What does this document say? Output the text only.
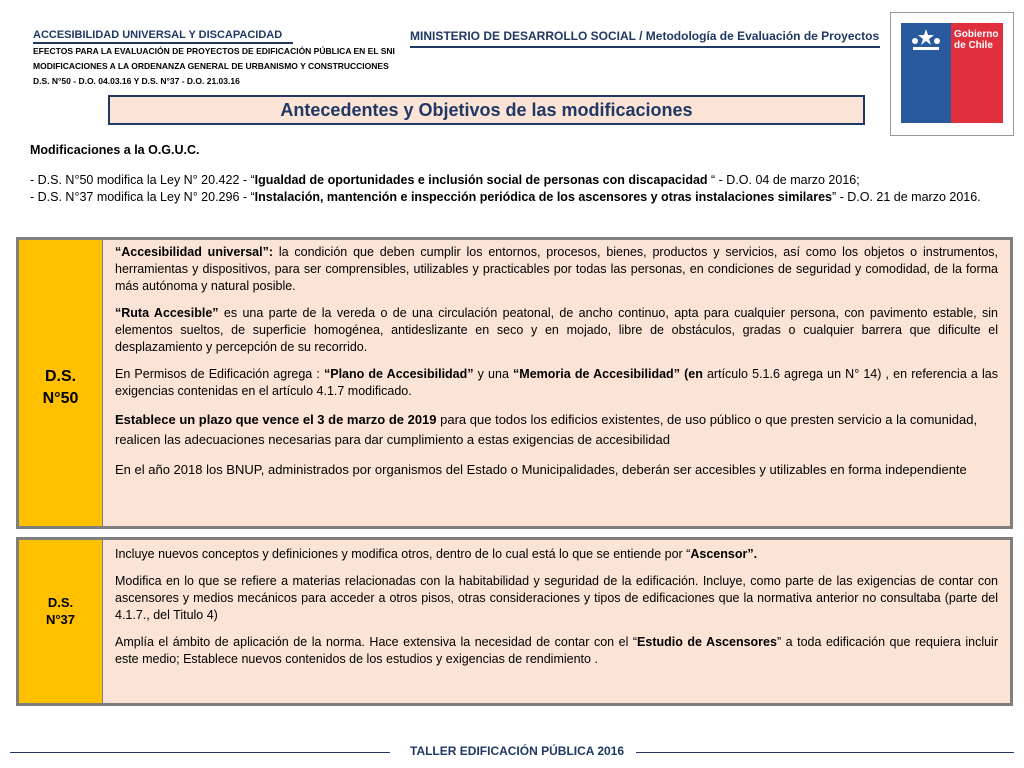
ACCESIBILIDAD UNIVERSAL Y DISCAPACIDAD
EFECTOS PARA LA EVALUACIÓN DE PROYECTOS DE EDIFICACIÓN PÚBLICA EN EL SNI
MODIFICACIONES A LA ORDENANZA GENERAL DE URBANISMO Y CONSTRUCCIONES
D.S. N°50 - D.O. 04.03.16 Y D.S. N°37 - D.O. 21.03.16
MINISTERIO DE DESARROLLO SOCIAL / Metodología de Evaluación de Proyectos	Gobierno
de Chile
Antecedentes y Objetivos de las modificaciones
Modificaciones a la O.G.U.C.
- D.S. N°50 modifica la Ley N° 20.422 - “Igualdad de oportunidades e inclusión social de personas con discapacidad “ - D.O. 04 de marzo 2016;
- D.S. N°37 modifica la Ley N° 20.296 - “Instalación, mantención e inspección periódica de los ascensores y otras instalaciones similares” - D.O. 21 de marzo 2016.
D.S.
N°50

“Accesibilidad universal”: la condición que deben cumplir los entornos, procesos, bienes, productos y servicios, así como los objetos o instrumentos, herramientas y dispositivos, para ser comprensibles, utilizables y practicables por todas las personas, en condiciones de seguridad y comodidad, de la forma más autónoma y natural posible.

“Ruta Accesible” es una parte de la vereda o de una circulación peatonal, de ancho continuo, apta para cualquier persona, con pavimento estable, sin elementos sueltos, de superficie homogénea, antideslizante en seco y en mojado, libre de obstáculos, gradas o cualquier barrera que dificulte el desplazamiento y percepción de su recorrido.

En Permisos de Edificación agrega : “Plano de Accesibilidad” y una “Memoria de Accesibilidad” (en artículo 5.1.6 agrega un N° 14) , en referencia a las exigencias contenidas en el artículo 4.1.7 modificado.

Establece un plazo que vence el 3 de marzo de 2019 para que todos los edificios existentes, de uso público o que presten servicio a la comunidad, realicen las adecuaciones necesarias para dar cumplimiento a estas exigencias de accesibilidad

En el año 2018 los BNUP, administrados por organismos del Estado o Municipalidades, deberán ser accesibles y utilizables en forma independiente

D.S.
N°37

Incluye nuevos conceptos y definiciones y modifica otros, dentro de lo cual está lo que se entiende por “Ascensor”.

Modifica en lo que se refiere a materias relacionadas con la habitabilidad y seguridad de la edificación. Incluye, como parte de las exigencias de contar con ascensores y medios mecánicos para acceder a otros pisos, otras consideraciones y tipos de edificaciones que la normativa anterior no consultaba (parte del 4.1.7., del Titulo 4)

Amplía el ámbito de aplicación de la norma. Hace extensiva la necesidad de contar con el “Estudio de Ascensores” a toda edificación que requiera incluir este medio; Establece nuevos contenidos de los estudios y exigencias de rendimiento .

TALLER EDIFICACIÓN PÚBLICA 2016
